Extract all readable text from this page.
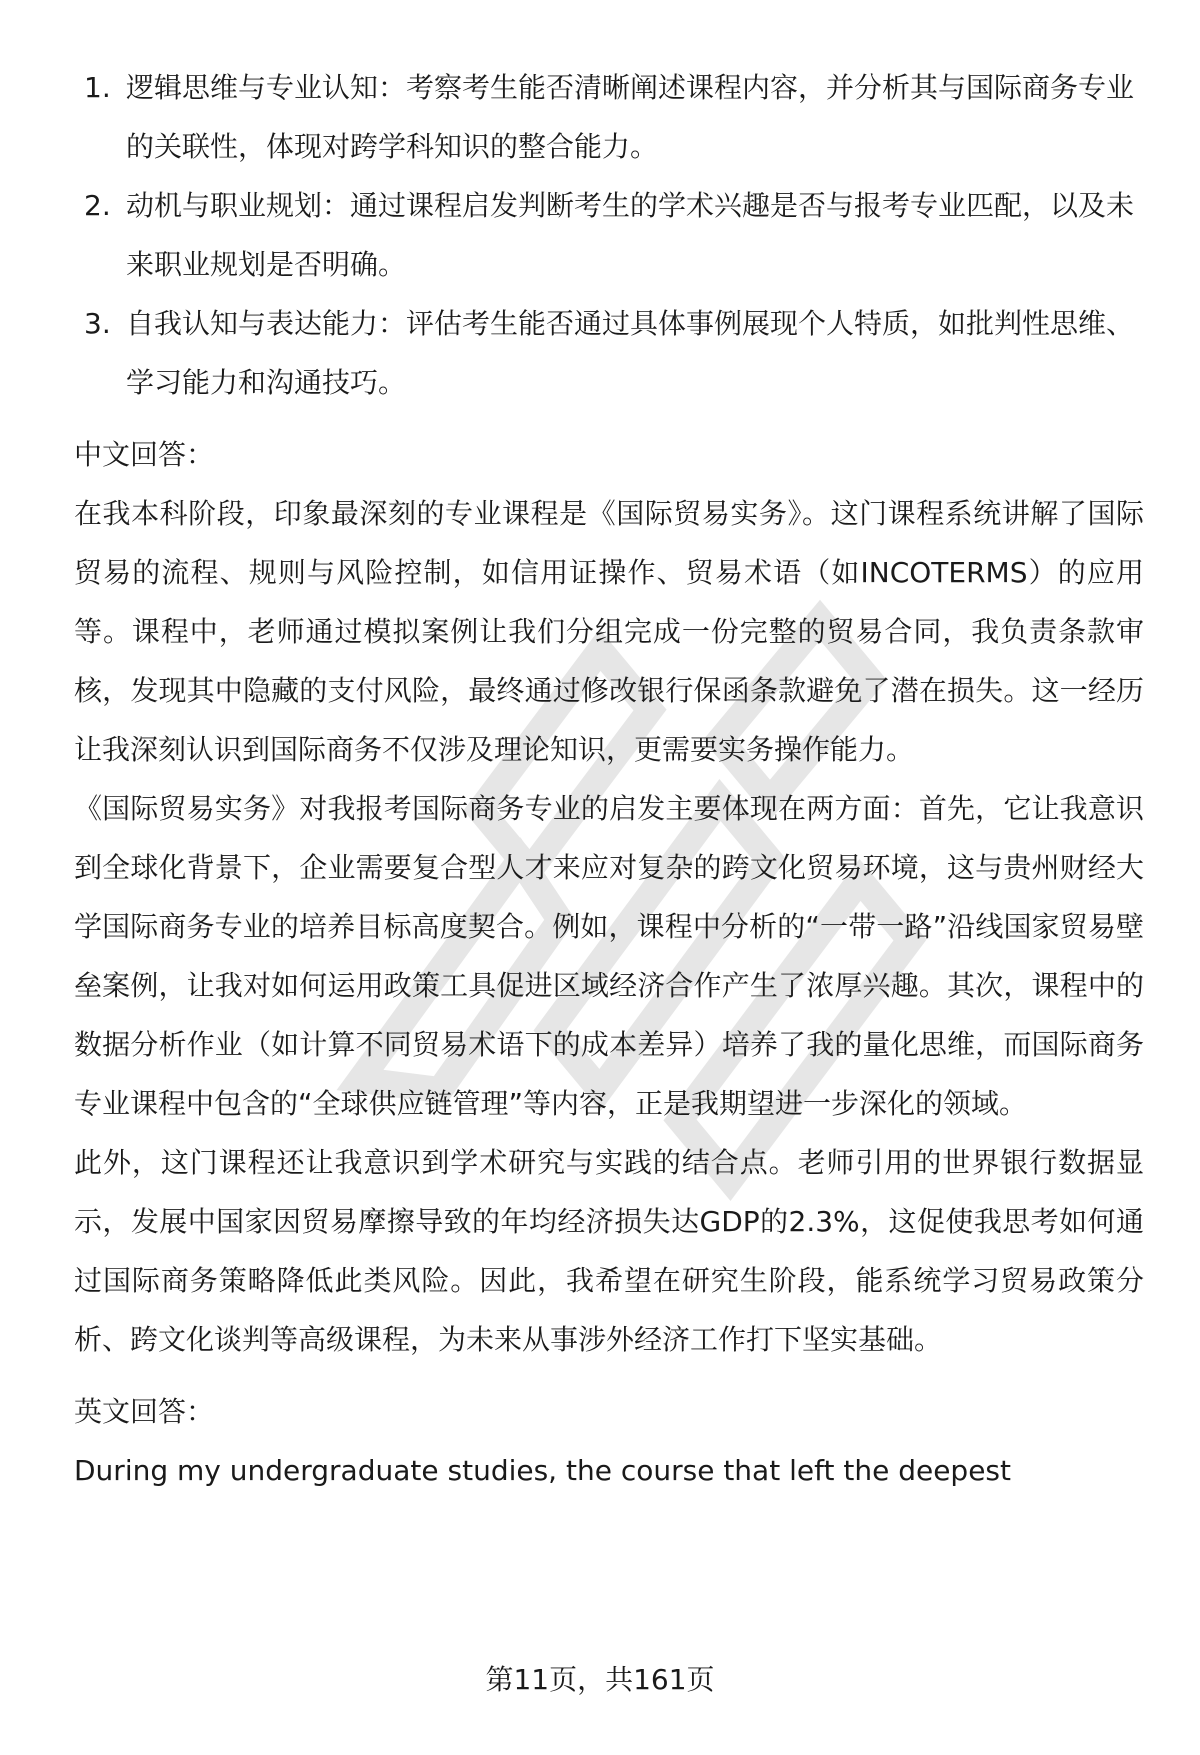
1. 逻辑思维与专业认知：考察考生能否清晰阐述课程内容，并分析其与国际商务专业的关联性，体现对跨学科知识的整合能力。
2. 动机与职业规划：通过课程启发判断考生的学术兴趣是否与报考专业匹配，以及未来职业规划是否明确。
3. 自我认知与表达能力：评估考生能否通过具体事例展现个人特质，如批判性思维、学习能力和沟通技巧。
中文回答：

在我本科阶段，印象最深刻的专业课程是《国际贸易实务》。这门课程系统讲解了国际贸易的流程、规则与风险控制，如信用证操作、贸易术语（如INCOTERMS）的应用等。课程中，老师通过模拟案例让我们分组完成一份完整的贸易合同，我负责条款审核，发现其中隐藏的支付风险，最终通过修改银行保函条款避免了潜在损失。这一经历让我深刻认识到国际商务不仅涉及理论知识，更需要实务操作能力。

《国际贸易实务》对我报考国际商务专业的启发主要体现在两方面：首先，它让我意识到全球化背景下，企业需要复合型人才来应对复杂的跨文化贸易环境，这与贵州财经大学国际商务专业的培养目标高度契合。例如，课程中分析的“一带一路”沿线国家贸易壁垒案例，让我对如何运用政策工具促进区域经济合作产生了浓厚兴趣。其次，课程中的数据分析作业（如计算不同贸易术语下的成本差异）培养了我的量化思维，而国际商务专业课程中包含的“全球供应链管理”等内容，正是我期望进一步深化的领域。

此外，这门课程还让我意识到学术研究与实践的结合点。老师引用的世界银行数据显示，发展中国家因贸易摩擦导致的年均经济损失达GDP的2.3%，这促使我思考如何通过国际商务策略降低此类风险。因此，我希望在研究生阶段，能系统学习贸易政策分析、跨文化谈判等高级课程，为未来从事涉外经济工作打下坚实基础。

英文回答：

During my undergraduate studies, the course that left the deepest

第11页，共161页
